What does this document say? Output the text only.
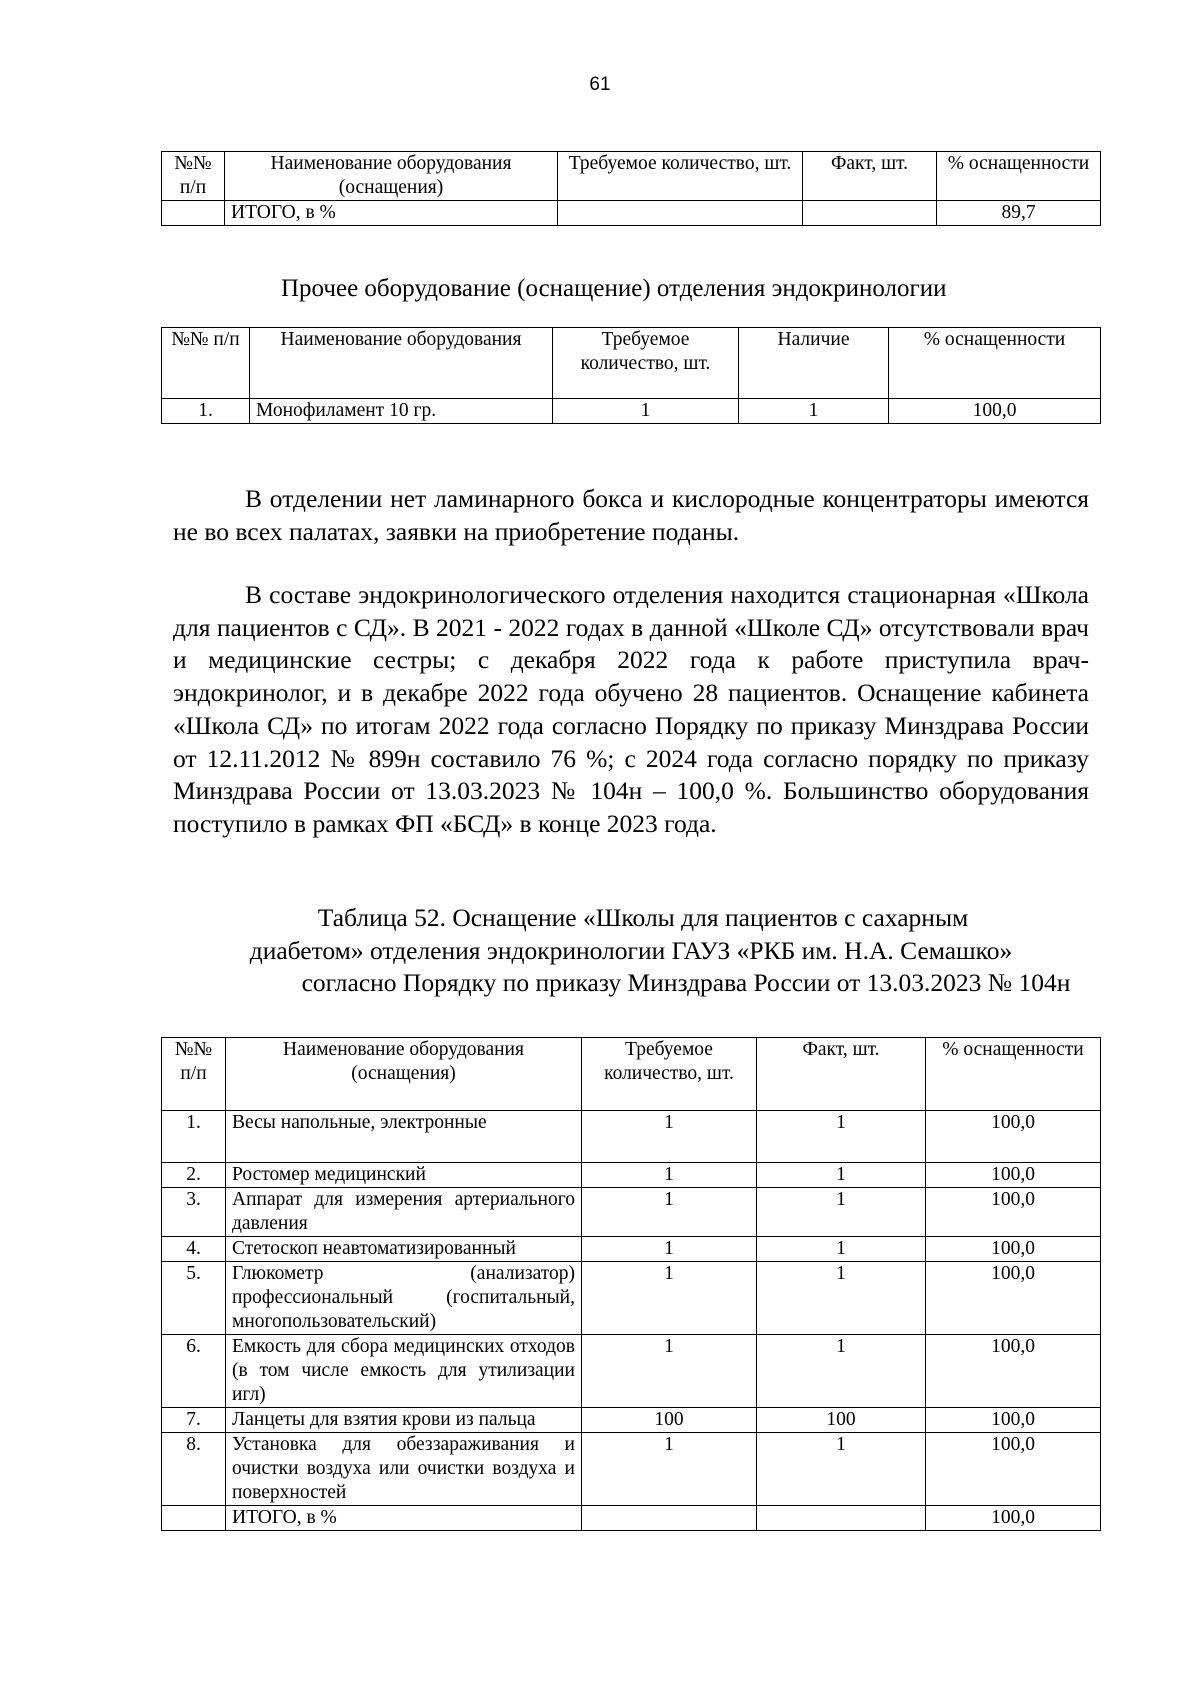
61
№№ п/п	Наименование оборудования (оснащения)	Требуемое количество, шт.	Факт, шт.	% оснащенности
	ИТОГО, в %			89,7
Прочее оборудование (оснащение) отделения эндокринологии
№№ п/п	Наименование оборудования	Требуемое количество, шт.	Наличие	% оснащенности
1.	Монофиламент 10 гр.	1	1	100,0

В отделении нет ламинарного бокса и кислородные концентраторы имеются не во всех палатах, заявки на приобретение поданы.

В составе эндокринологического отделения находится стационарная «Школа для пациентов с СД». В 2021 - 2022 годах в данной «Школе СД» отсутствовали врач и медицинские сестры; с декабря 2022 года к работе приступила врач-эндокринолог, и в декабре 2022 года обучено 28 пациентов. Оснащение кабинета «Школа СД» по итогам 2022 года согласно Порядку по приказу Минздрава России от 12.11.2012 № 899н составило 76 %; с 2024 года согласно порядку по приказу Минздрава России от 13.03.2023 № 104н – 100,0 %. Большинство оборудования поступило в рамках ФП «БСД» в конце 2023 года.

Таблица 52. Оснащение «Школы для пациентов с сахарным
диабетом» отделения эндокринологии ГАУЗ «РКБ им. Н.А. Семашко»
согласно Порядку по приказу Минздрава России от 13.03.2023 № 104н

№№ п/п	Наименование оборудования (оснащения)	Требуемое количество, шт.	Факт, шт.	% оснащенности
1.	Весы напольные, электронные	1	1	100,0
2.	Ростомер медицинский	1	1	100,0
3.	Аппарат для измерения артериального давления	1	1	100,0
4.	Стетоскоп неавтоматизированный	1	1	100,0
5.	Глюкометр (анализатор) профессиональный (госпитальный, многопользовательский)	1	1	100,0
6.	Емкость для сбора медицинских отходов (в том числе емкость для утилизации игл)	1	1	100,0
7.	Ланцеты для взятия крови из пальца	100	100	100,0
8.	Установка для обеззараживания и очистки воздуха или очистки воздуха и поверхностей	1	1	100,0
	ИТОГО, в %			100,0
